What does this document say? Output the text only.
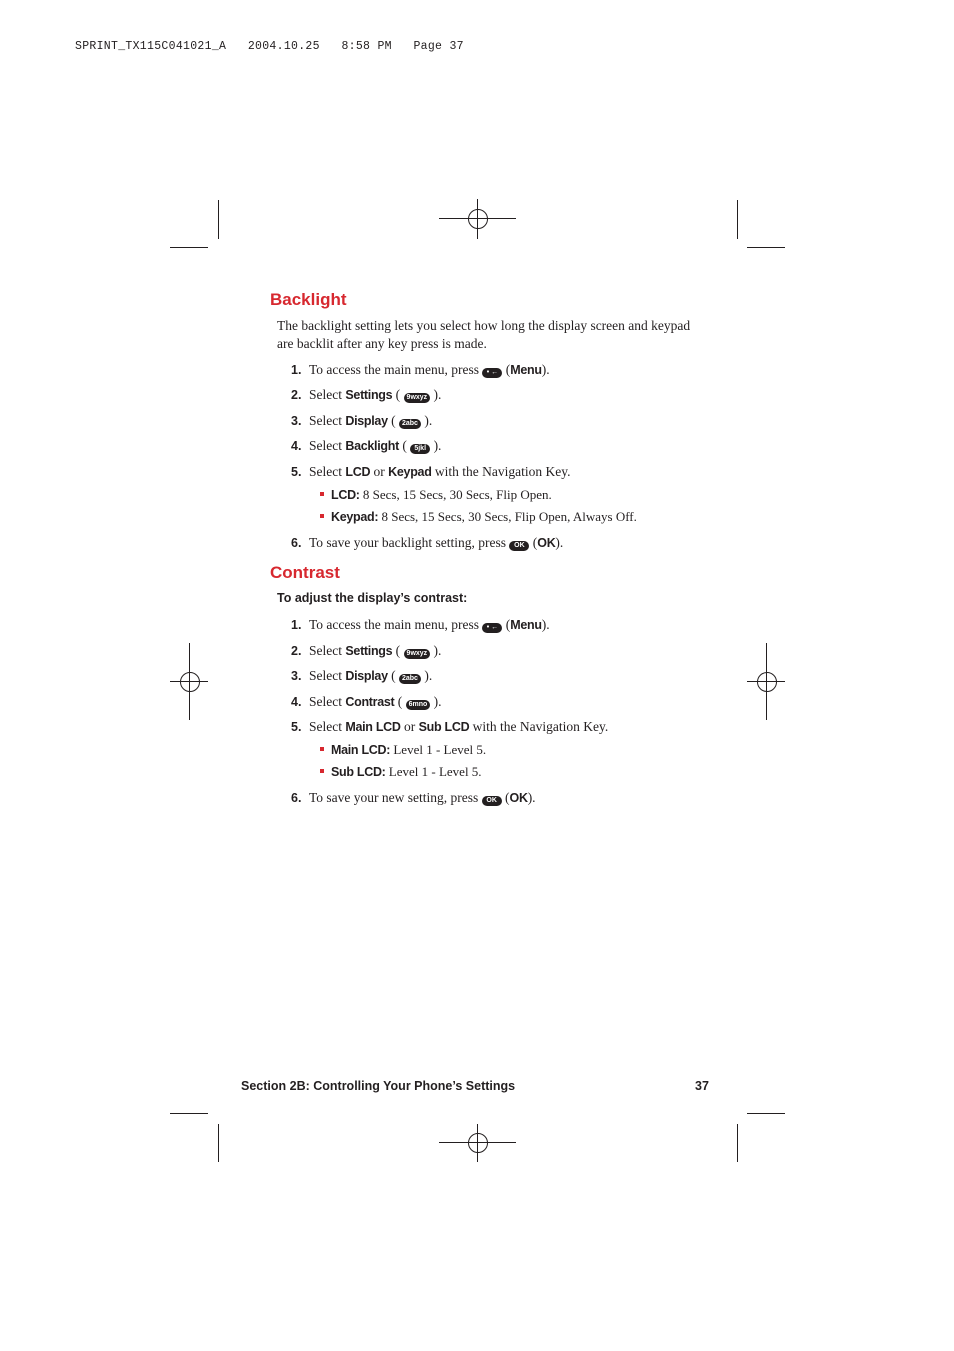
SPRINT_TX115C041021_A   2004.10.25   8:58 PM   Page 37
Backlight

The backlight setting lets you select how long the display screen and keypad are backlit after any key press is made.

1. To access the main menu, press • ← (Menu).
2. Select Settings ( 9wxyz ).
3. Select Display ( 2abc ).
4. Select Backlight ( 5jkl ).
5. Select LCD or Keypad with the Navigation Key.
LCD: 8 Secs, 15 Secs, 30 Secs, Flip Open.
Keypad: 8 Secs, 15 Secs, 30 Secs, Flip Open, Always Off.
6. To save your backlight setting, press OK (OK).
Contrast

To adjust the display’s contrast:

1. To access the main menu, press • ← (Menu).
2. Select Settings ( 9wxyz ).
3. Select Display ( 2abc ).
4. Select Contrast ( 6mno ).
5. Select Main LCD or Sub LCD with the Navigation Key.
Main LCD: Level 1 - Level 5.
Sub LCD: Level 1 - Level 5.
6. To save your new setting, press OK (OK).
Section 2B: Controlling Your Phone’s Settings	37
